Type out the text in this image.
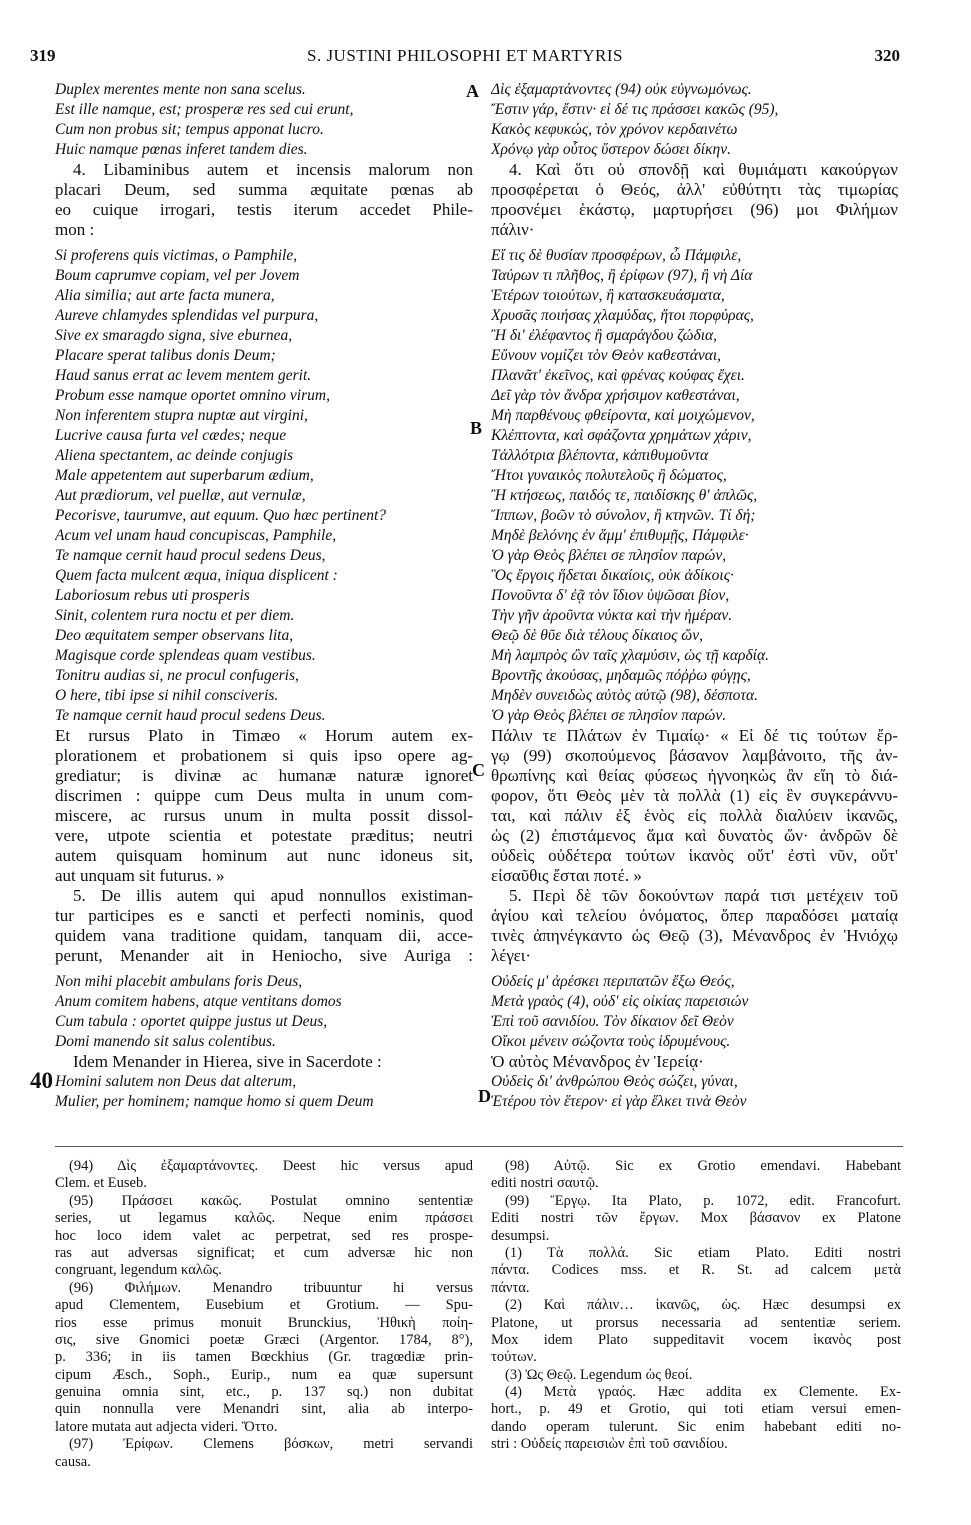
319	S. JUSTINI PHILOSOPHI ET MARTYRIS	320
A
B
C
D
40
Duplex merentes mente non sana scelus.
Est ille namque, est; prosperæ res sed cui erunt,
Cum non probus sit; tempus apponat lucro.
Huic namque pœnas inferet tandem dies.
4. Libaminibus autem et incensis malorum non
placari Deum, sed summa æquitate pœnas ab
eo cuique irrogari, testis iterum accedet Phile-
mon :
Si proferens quis victimas, o Pamphile,
Boum caprumve copiam, vel per Jovem
Alia similia; aut arte facta munera,
Aureve chlamydes splendidas vel purpura,
Sive ex smaragdo signa, sive eburnea,
Placare sperat talibus donis Deum;
Haud sanus errat ac levem mentem gerit.
Probum esse namque oportet omnino virum,
Non inferentem stupra nuptæ aut virgini,
Lucrive causa furta vel cædes; neque
Aliena spectantem, ac deinde conjugis
Male appetentem aut superbarum ædium,
Aut prædiorum, vel puellæ, aut vernulæ,
Pecorisve, taurumve, aut equum. Quo hæc pertinent?
Acum vel unam haud concupiscas, Pamphile,
Te namque cernit haud procul sedens Deus,
Quem facta mulcent æqua, iniqua displicent :
Laboriosum rebus uti prosperis
Sinit, colentem rura noctu et per diem.
Deo æquitatem semper observans lita,
Magisque corde splendeas quam vestibus.
Tonitru audias si, ne procul confugeris,
O here, tibi ipse si nihil consciveris.
Te namque cernit haud procul sedens Deus.
Et rursus Plato in Timæo « Horum autem ex-
plorationem et probationem si quis ipso opere ag-
grediatur; is divinæ ac humanæ naturæ ignoret
discrimen : quippe cum Deus multa in unum com-
miscere, ac rursus unum in multa possit dissol-
vere, utpote scientia et potestate præditus; neutri
autem quisquam hominum aut nunc idoneus sit,
aut unquam sit futurus. »
5. De illis autem qui apud nonnullos existiman-
tur participes es e sancti et perfecti nominis, quod
quidem vana traditione quidam, tanquam dii, acce-
perunt, Menander ait in Heniocho, sive Auriga :
Non mihi placebit ambulans foris Deus,
Anum comitem habens, atque ventitans domos
Cum tabula : oportet quippe justus ut Deus,
Domi manendo sit salus colentibus.
Idem Menander in Hierea, sive in Sacerdote :
Homini salutem non Deus dat alterum,
Mulier, per hominem; namque homo si quem Deum
Δὶς ἐξαμαρτάνοντες (94) οὐκ εὐγνωμόνως.
Ἔστιν γάρ, ἔστιν· εἰ δέ τις πράσσει κακῶς (95),
Κακὸς κεφυκώς, τὸν χρόνον κερδαινέτω
Χρόνῳ γὰρ οὗτος ὕστερον δώσει δίκην.
4. Καὶ ὅτι οὐ σπονδῇ καὶ θυμιάματι κακούργων
προσφέρεται ὁ Θεός, ἀλλ' εὐθύτητι τὰς τιμωρίας
προσνέμει ἑκάστῳ, μαρτυρήσει (96) μοι Φιλήμων
πάλιν·
Εἴ τις δὲ θυσίαν προσφέρων, ὦ Πάμφιλε,
Ταύρων τι πλῆθος, ἢ ἐρίφων (97), ἢ νὴ Δία
Ἑτέρων τοιούτων, ἢ κατασκευάσματα,
Χρυσᾶς ποιήσας χλαμύδας, ἤτοι πορφύρας,
Ἢ δι' ἐλέφαντος ἢ σμαράγδου ζώδια,
Εὔνουν νομίζει τὸν Θεὸν καθεστάναι,
Πλανᾶτ' ἐκεῖνος, καὶ φρένας κούφας ἔχει.
Δεῖ γὰρ τὸν ἄνδρα χρήσιμον καθεστάναι,
Μὴ παρθένους φθείροντα, καὶ μοιχώμενον,
Κλέπτοντα, καὶ σφάζοντα χρημάτων χάριν,
Τἀλλότρια βλέποντα, κἀπιθυμοῦντα
Ἤτοι γυναικὸς πολυτελοῦς ἢ δώματος,
Ἢ κτήσεως, παιδός τε, παιδίσκης θ' ἁπλῶς,
Ἵππων, βοῶν τὸ σύνολον, ἢ κτηνῶν. Τί δή;
Μηδὲ βελόνης ἐν ἅμμ' ἐπιθυμῇς, Πάμφιλε·
Ὁ γὰρ Θεὸς βλέπει σε πλησίον παρών,
Ὃς ἔργοις ἥδεται δικαίοις, οὐκ ἀδίκοις·
Πονοῦντα δ' ἐᾷ τὸν ἴδιον ὑψῶσαι βίον,
Τὴν γῆν ἀροῦντα νύκτα καὶ τὴν ἡμέραν.
Θεῷ δὲ θῦε διὰ τέλους δίκαιος ὤν,
Μὴ λαμπρὸς ὢν ταῖς χλαμύσιν, ὡς τῇ καρδίᾳ.
Βροντῆς ἀκούσας, μηδαμῶς πόῤῥω φύγῃς,
Μηδὲν συνειδὼς αὐτὸς αὐτῷ (98), δέσποτα.
Ὁ γὰρ Θεὸς βλέπει σε πλησίον παρών.
Πάλιν τε Πλάτων ἐν Τιμαίῳ· « Εἰ δέ τις τούτων ἔρ-
γῳ (99) σκοπούμενος βάσανον λαμβάνοιτο, τῆς ἀν-
θρωπίνης καὶ θείας φύσεως ἠγνοηκὼς ἂν εἴη τὸ διά-
φορον, ὅτι Θεὸς μὲν τὰ πολλὰ (1) εἰς ἓν συγκεράννυ-
ται, καὶ πάλιν ἐξ ἑνὸς εἰς πολλὰ διαλύειν ἱκανῶς,
ὡς (2) ἐπιστάμενος ἅμα καὶ δυνατὸς ὤν· ἀνδρῶν δὲ
οὐδεὶς οὐδέτερα τούτων ἱκανὸς οὔτ' ἐστὶ νῦν, οὔτ'
εἰσαῦθις ἔσται ποτέ. »
5. Περὶ δὲ τῶν δοκούντων παρά τισι μετέχειν τοῦ
ἁγίου καὶ τελείου ὀνόματος, ὅπερ παραδόσει ματαίᾳ
τινὲς ἀπηνέγκαντο ὡς Θεῷ (3), Μένανδρος ἐν Ἡνιόχῳ
λέγει·
Οὐδείς μ' ἀρέσκει περιπατῶν ἔξω Θεός,
Μετὰ γραὸς (4), οὐδ' εἰς οἰκίας παρεισιών
Ἐπὶ τοῦ σανιδίου. Τὸν δίκαιον δεῖ Θεὸν
Οἴκοι μένειν σώζοντα τοὺς ἱδρυμένους.
Ὁ αὐτὸς Μένανδρος ἐν Ἱερείᾳ·
Οὐδεὶς δι' ἀνθρώπου Θεὸς σώζει, γύναι,
Ἑτέρου τὸν ἕτερον· εἰ γὰρ ἕλκει τινὰ Θεὸν
(94) Δὶς ἐξαμαρτάνοντες. Deest hic versus apud
Clem. et Euseb.
(95) Πράσσει κακῶς. Postulat omnino sententiæ
series, ut legamus καλῶς. Neque enim πράσσει
hoc loco idem valet ac perpetrat, sed res prospe-
ras aut adversas significat; et cum adversæ hic non
congruant, legendum καλῶς.
(96) Φιλήμων. Menandro tribuuntur hi versus
apud Clementem, Eusebium et Grotium. — Spu-
rios esse primus monuit Brunckius, Ἠθικὴ ποίη-
σις, sive Gnomici poetæ Græci (Argentor. 1784, 8°),
p. 336; in iis tamen Bœckhius (Gr. tragœdiæ prin-
cipum Æsch., Soph., Eurip., num ea quæ supersunt
genuina omnia sint, etc., p. 137 sq.) non dubitat
quin nonnulla vere Menandri sint, alia ab interpo-
latore mutata aut adjecta videri. Ὄττο.
(97) Ἐρίφων. Clemens βόσκων, metri servandi
causa.
(98) Αὐτῷ. Sic ex Grotio emendavi. Habebant
editi nostri σαυτῷ.
(99) Ἔργῳ. Ita Plato, p. 1072, edit. Francofurt.
Editi nostri τῶν ἔργων. Mox βάσανον ex Platone
desumpsi.
(1) Τὰ πολλά. Sic etiam Plato. Editi nostri
πάντα. Codices mss. et R. St. ad calcem μετὰ
πάντα.
(2) Καὶ πάλιν… ἱκανῶς, ὡς. Hæc desumpsi ex
Platone, ut prorsus necessaria ad sententiæ seriem.
Mox idem Plato suppeditavit vocem ἱκανὸς post
τούτων.
(3) Ὡς Θεῷ. Legendum ὡς θεοί.
(4) Μετὰ γραός. Hæc addita ex Clemente. Ex-
hort., p. 49 et Grotio, qui toti etiam versui emen-
dando operam tulerunt. Sic enim habebant editi no-
stri : Οὐδείς παρεισιὼν ἐπὶ τοῦ σανιδίου.
